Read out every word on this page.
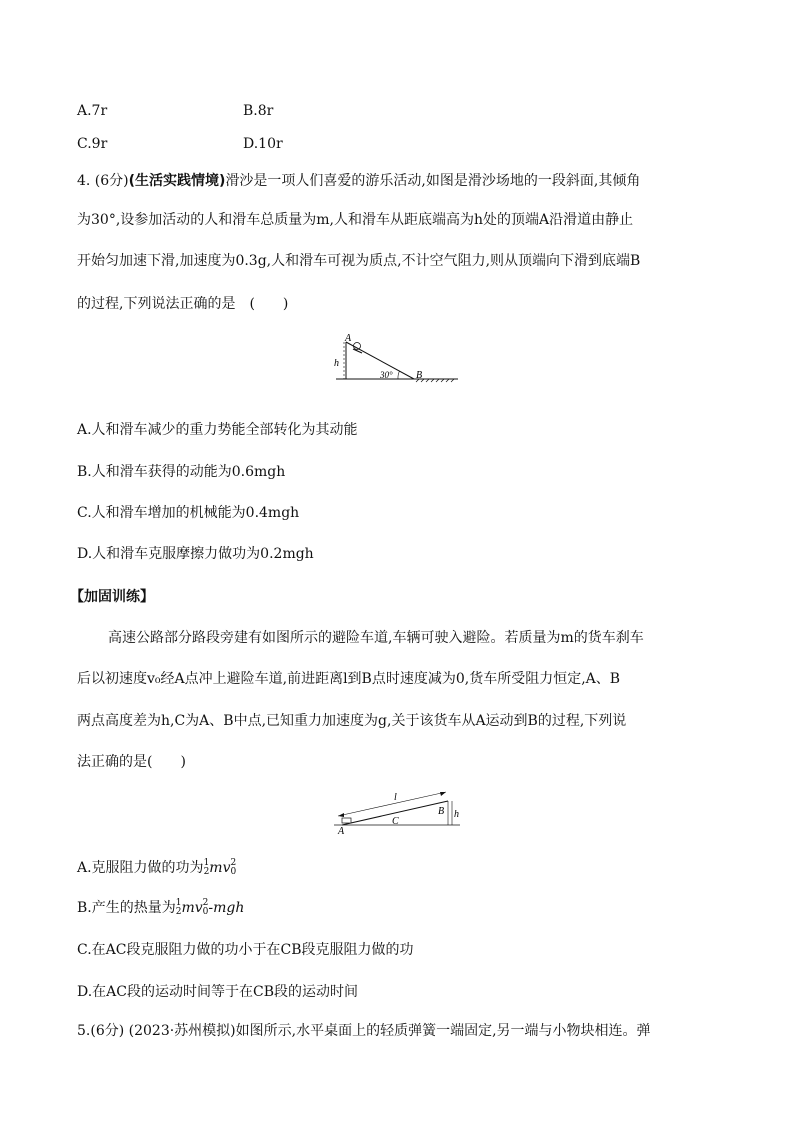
A.7r	B.8r
C.9r	D.10r
4. (6分)(生活实践情境)滑沙是一项人们喜爱的游乐活动,如图是滑沙场地的一段斜面,其倾角
为30°,设参加活动的人和滑车总质量为m,人和滑车从距底端高为h处的顶端A沿滑道由静止
开始匀加速下滑,加速度为0.3g,人和滑车可视为质点,不计空气阻力,则从顶端向下滑到底端B
的过程,下列说法正确的是　(　　)
A
h
30° B
A.人和滑车减少的重力势能全部转化为其动能
B.人和滑车获得的动能为0.6mgh
C.人和滑车增加的机械能为0.4mgh
D.人和滑车克服摩擦力做功为0.2mgh
【加固训练】
高速公路部分路段旁建有如图所示的避险车道,车辆可驶入避险。若质量为m的货车刹车
后以初速度v₀经A点冲上避险车道,前进距离l到B点时速度减为0,货车所受阻力恒定,A、B
两点高度差为h,C为A、B中点,已知重力加速度为g,关于该货车从A运动到B的过程,下列说
法正确的是(　　)
l
A
B
C
h
A.克服阻力做的功为 1
2 mv 2
0
B.产生的热量为 1
2 mv 2
0 -mgh
C.在AC段克服阻力做的功小于在CB段克服阻力做的功
D.在AC段的运动时间等于在CB段的运动时间
5.(6分) (2023·苏州模拟)如图所示,水平桌面上的轻质弹簧一端固定,另一端与小物块相连。弹
